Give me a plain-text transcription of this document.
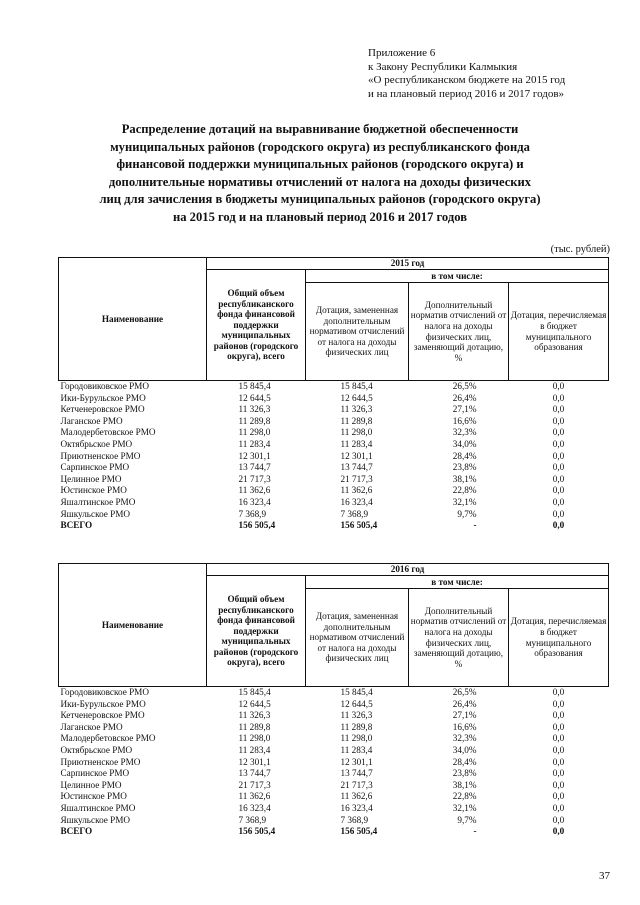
Приложение 6
к Закону Республики Калмыкия
«О республиканском бюджете на 2015 год
и на плановый период 2016 и 2017 годов»
Распределение дотаций на выравнивание бюджетной обеспеченности
муниципальных районов (городского округа) из республиканского фонда
финансовой поддержки муниципальных районов (городского округа) и
дополнительные нормативы отчислений от налога на доходы физических
лиц для зачисления в бюджеты муниципальных районов (городского округа)
на 2015 год и на плановый период 2016 и 2017 годов
(тыс. рублей)
Наименование	2015 год			
	Общий объем республиканского фонда финансовой поддержки муниципальных районов (городского округа), всего	в том числе:		
		Дотация, замененная дополнительным нормативом отчислений от налога на доходы физических лиц	Дополнительный норматив отчислений от налога на доходы физических лиц, заменяющий дотацию, %	Дотация, перечисляемая в бюджет муниципального образования
Городовиковское РМО	15 845,4	15 845,4	26,5%	0,0
Ики-Бурульское РМО	12 644,5	12 644,5	26,4%	0,0
Кетченеровское РМО	11 326,3	11 326,3	27,1%	0,0
Лаганское РМО	11 289,8	11 289,8	16,6%	0,0
Малодербетовское РМО	11 298,0	11 298,0	32,3%	0,0
Октябрьское РМО	11 283,4	11 283,4	34,0%	0,0
Приютненское РМО	12 301,1	12 301,1	28,4%	0,0
Сарпинское РМО	13 744,7	13 744,7	23,8%	0,0
Целинное РМО	21 717,3	21 717,3	38,1%	0,0
Юстинское РМО	11 362,6	11 362,6	22,8%	0,0
Яшалтинское РМО	16 323,4	16 323,4	32,1%	0,0
Яшкульское РМО	7 368,9	7 368,9	9,7%	0,0
ВСЕГО	156 505,4	156 505,4	-	0,0
Наименование	2016 год			
	Общий объем республиканского фонда финансовой поддержки муниципальных районов (городского округа), всего	в том числе:		
		Дотация, замененная дополнительным нормативом отчислений от налога на доходы физических лиц	Дополнительный норматив отчислений от налога на доходы физических лиц, заменяющий дотацию, %	Дотация, перечисляемая в бюджет муниципального образования
Городовиковское РМО	15 845,4	15 845,4	26,5%	0,0
Ики-Бурульское РМО	12 644,5	12 644,5	26,4%	0,0
Кетченеровское РМО	11 326,3	11 326,3	27,1%	0,0
Лаганское РМО	11 289,8	11 289,8	16,6%	0,0
Малодербетовское РМО	11 298,0	11 298,0	32,3%	0,0
Октябрьское РМО	11 283,4	11 283,4	34,0%	0,0
Приютненское РМО	12 301,1	12 301,1	28,4%	0,0
Сарпинское РМО	13 744,7	13 744,7	23,8%	0,0
Целинное РМО	21 717,3	21 717,3	38,1%	0,0
Юстинское РМО	11 362,6	11 362,6	22,8%	0,0
Яшалтинское РМО	16 323,4	16 323,4	32,1%	0,0
Яшкульское РМО	7 368,9	7 368,9	9,7%	0,0
ВСЕГО	156 505,4	156 505,4	-	0,0
37
